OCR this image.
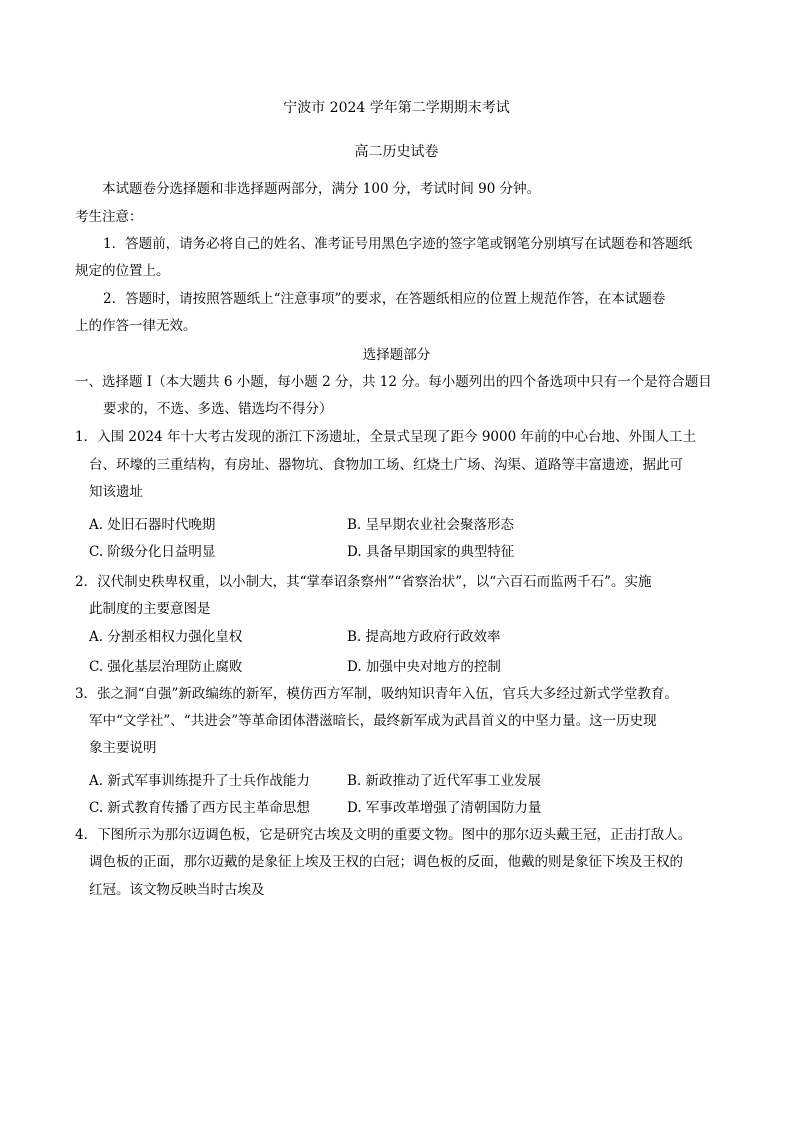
宁波市 2024 学年第二学期期末考试
高二历史试卷
本试题卷分选择题和非选择题两部分，满分 100 分，考试时间 90 分钟。
考生注意：
1．答题前，请务必将自己的姓名、准考证号用黑色字迹的签字笔或钢笔分别填写在试题卷和答题纸
规定的位置上。
2．答题时，请按照答题纸上“注意事项”的要求，在答题纸相应的位置上规范作答，在本试题卷
上的作答一律无效。
选择题部分
一、选择题 I（本大题共 6 小题，每小题 2 分，共 12 分。每小题列出的四个备选项中只有一个是符合题目
要求的，不选、多选、错选均不得分）
1．入围 2024 年十大考古发现的浙江下汤遗址，全景式呈现了距今 9000 年前的中心台地、外围人工土
台、环壕的三重结构，有房址、器物坑、食物加工场、红烧土广场、沟渠、道路等丰富遗迹，据此可
知该遗址
A. 处旧石器时代晚期	B. 呈早期农业社会聚落形态
C. 阶级分化日益明显	D. 具备早期国家的典型特征
2．汉代制史秩卑权重，以小制大，其“掌奉诏条察州”“省察治状”，以“六百石而监两千石”。实施
此制度的主要意图是
A. 分割丞相权力强化皇权	B. 提高地方政府行政效率
C. 强化基层治理防止腐败	D. 加强中央对地方的控制
3．张之洞“自强”新政编练的新军，模仿西方军制，吸纳知识青年入伍，官兵大多经过新式学堂教育。
军中“文学社”、“共进会”等革命团体潜滋暗长，最终新军成为武昌首义的中坚力量。这一历史现
象主要说明
A. 新式军事训练提升了士兵作战能力	B. 新政推动了近代军事工业发展
C. 新式教育传播了西方民主革命思想	D. 军事改革增强了清朝国防力量
4．下图所示为那尔迈调色板，它是研究古埃及文明的重要文物。图中的那尔迈头戴王冠，正击打敌人。
调色板的正面，那尔迈戴的是象征上埃及王权的白冠；调色板的反面，他戴的则是象征下埃及王权的
红冠。该文物反映当时古埃及
